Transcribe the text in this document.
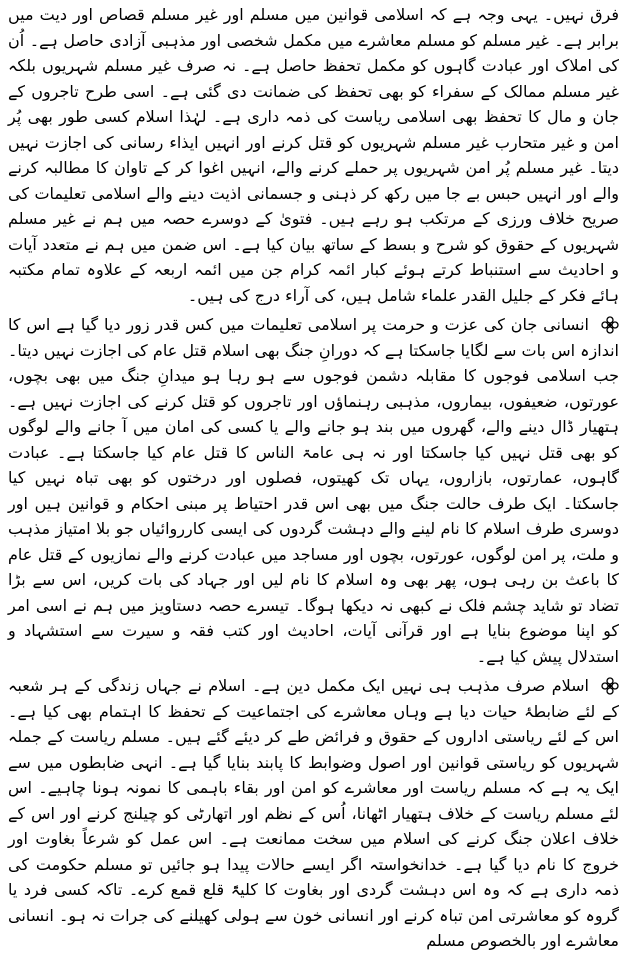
فرق نہیں۔ یہی وجہ ہے کہ اسلامی قوانین میں مسلم اور غیر مسلم قصاص اور دیت میں برابر ہے۔ غیر مسلم کو مسلم معاشرے میں مکمل شخصی اور مذہبی آزادی حاصل ہے۔ اُن کی املاک اور عبادت گاہوں کو مکمل تحفظ حاصل ہے۔ نہ صرف غیر مسلم شہریوں بلکہ غیر مسلم ممالک کے سفراء کو بھی تحفظ کی ضمانت دی گئی ہے۔ اسی طرح تاجروں کے جان و مال کا تحفظ بھی اسلامی ریاست کی ذمہ داری ہے۔ لہٰذا اسلام کسی طور بھی پُر امن و غیر متحارب غیر مسلم شہریوں کو قتل کرنے اور انہیں ایذاء رسانی کی اجازت نہیں دیتا۔ غیر مسلم پُر امن شہریوں پر حملے کرنے والے، انہیں اغوا کر کے تاوان کا مطالبہ کرنے والے اور انہیں حبس بے جا میں رکھ کر ذہنی و جسمانی اذیت دینے والے اسلامی تعلیمات کی صریح خلاف ورزی کے مرتکب ہو رہے ہیں۔ فتویٰ کے دوسرے حصہ میں ہم نے غیر مسلم شہریوں کے حقوق کو شرح و بسط کے ساتھ بیان کیا ہے۔ اس ضمن میں ہم نے متعدد آیات و احادیث سے استنباط کرتے ہوئے کبار ائمہ کرام جن میں ائمہ اربعہ کے علاوہ تمام مکتبہ ہائے فکر کے جلیل القدر علماء شامل ہیں، کی آراء درج کی ہیں۔

انسانی جان کی عزت و حرمت پر اسلامی تعلیمات میں کس قدر زور دیا گیا ہے اس کا اندازہ اس بات سے لگایا جاسکتا ہے کہ دورانِ جنگ بھی اسلام قتل عام کی اجازت نہیں دیتا۔ جب اسلامی فوجوں کا مقابلہ دشمن فوجوں سے ہو رہا ہو میدانِ جنگ میں بھی بچوں، عورتوں، ضعیفوں، بیماروں، مذہبی رہنماؤں اور تاجروں کو قتل کرنے کی اجازت نہیں ہے۔ ہتھیار ڈال دینے والے، گھروں میں بند ہو جانے والے یا کسی کی امان میں آ جانے والے لوگوں کو بھی قتل نہیں کیا جاسکتا اور نہ ہی عامۃ الناس کا قتل عام کیا جاسکتا ہے۔ عبادت گاہوں، عمارتوں، بازاروں، یہاں تک کھیتوں، فصلوں اور درختوں کو بھی تباہ نہیں کیا جاسکتا۔ ایک طرف حالت جنگ میں بھی اس قدر احتیاط پر مبنی احکام و قوانین ہیں اور دوسری طرف اسلام کا نام لینے والے دہشت گردوں کی ایسی کارروائیاں جو بلا امتیاز مذہب و ملت، پر امن لوگوں، عورتوں، بچوں اور مساجد میں عبادت کرنے والے نمازیوں کے قتل عام کا باعث بن رہی ہوں، پھر بھی وہ اسلام کا نام لیں اور جہاد کی بات کریں، اس سے بڑا تضاد تو شاید چشم فلک نے کبھی نہ دیکھا ہوگا۔ تیسرے حصہ دستاویز میں ہم نے اسی امر کو اپنا موضوع بنایا ہے اور قرآنی آیات، احادیث اور کتب فقہ و سیرت سے استشہاد و استدلال پیش کیا ہے۔

اسلام صرف مذہب ہی نہیں ایک مکمل دین ہے۔ اسلام نے جہاں زندگی کے ہر شعبہ کے لئے ضابطۂ حیات دیا ہے وہاں معاشرے کی اجتماعیت کے تحفظ کا اہتمام بھی کیا ہے۔ اس کے لئے ریاستی اداروں کے حقوق و فرائض طے کر دیئے گئے ہیں۔ مسلم ریاست کے جملہ شہریوں کو ریاستی قوانین اور اصول وضوابط کا پابند بنایا گیا ہے۔ انہی ضابطوں میں سے ایک یہ ہے کہ مسلم ریاست اور معاشرے کو امن اور بقاء باہمی کا نمونہ ہونا چاہیے۔ اس لئے مسلم ریاست کے خلاف ہتھیار اٹھانا، اُس کے نظم اور اتھارٹی کو چیلنج کرنے اور اس کے خلاف اعلان جنگ کرنے کی اسلام میں سخت ممانعت ہے۔ اس عمل کو شرعاً بغاوت اور خروج کا نام دیا گیا ہے۔ خدانخواستہ اگر ایسے حالات پیدا ہو جائیں تو مسلم حکومت کی ذمہ داری ہے کہ وہ اس دہشت گردی اور بغاوت کا کلیۃً قلع قمع کرے۔ تاکہ کسی فرد یا گروہ کو معاشرتی امن تباہ کرنے اور انسانی خون سے ہولی کھیلنے کی جرات نہ ہو۔ انسانی معاشرے اور بالخصوص مسلم
